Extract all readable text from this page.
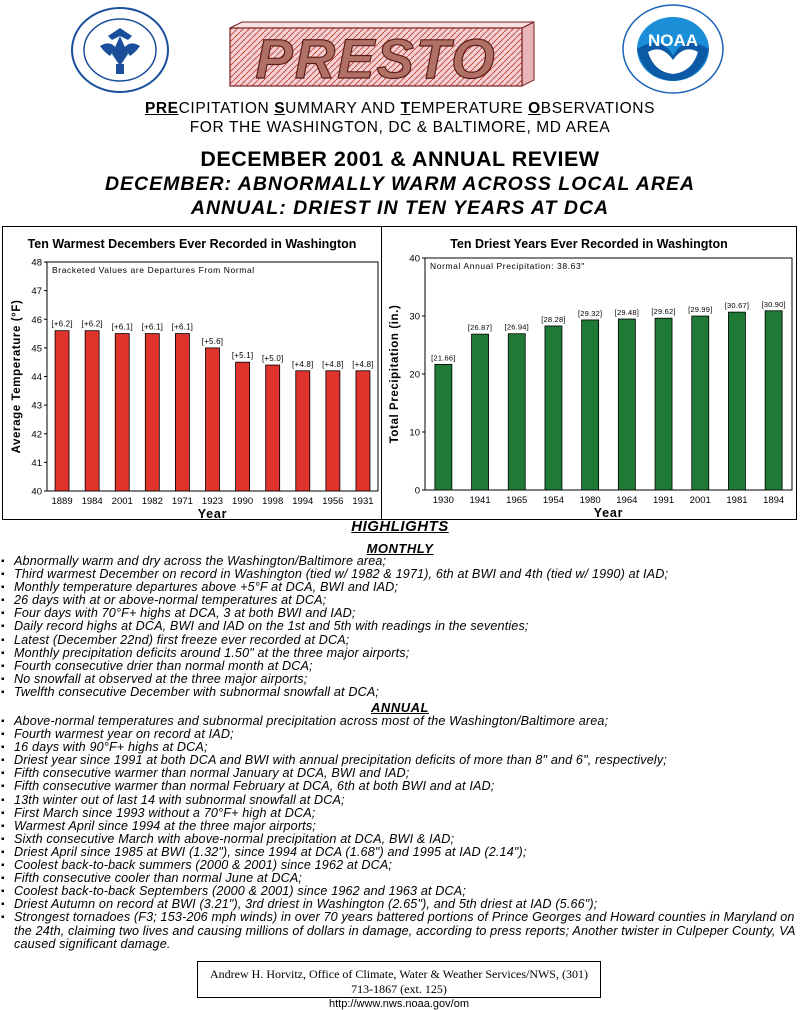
NOAA
PRESTO
PRECIPITATION SUMMARY AND TEMPERATURE OBSERVATIONS
FOR THE WASHINGTON, DC & BALTIMORE, MD AREA
DECEMBER 2001 & ANNUAL REVIEW
DECEMBER: ABNORMALLY WARM ACROSS LOCAL AREA
ANNUAL: DRIEST IN TEN YEARS AT DCA
Ten Warmest Decembers Ever Recorded in Washington
Bracketed Values are Departures From Normal
40
41
42
43
44
45
46
47
48
[+6.2]
1889
[+6.2]
1984
[+6.1]
2001
[+6.1]
1982
[+6.1]
1971
[+5.6]
1923
[+5.1]
1990
[+5.0]
1998
[+4.8]
1994
[+4.8]
1956
[+4.8]
1931
Year
Average Temperature (°F)
Ten Driest Years Ever Recorded in Washington
Normal Annual Precipitation: 38.63"
0
10
20
30
40
[21.66]
1930
[26.87]
1941
[26.94]
1965
[28.28]
1954
[29.32]
1980
[29.48]
1964
[29.62]
1991
[29.99]
2001
[30.67]
1981
[30.90]
1894
Year
Total Precipitation (in.)
HIGHLIGHTS
MONTHLY
▪ Abnormally warm and dry across the Washington/Baltimore area;
▪ Third warmest December on record in Washington (tied w/ 1982 & 1971), 6th at BWI and 4th (tied w/ 1990) at IAD;
▪ Monthly temperature departures above +5°F at DCA, BWI and IAD;
▪ 26 days with at or above-normal temperatures at DCA;
▪ Four days with 70°F+ highs at DCA, 3 at both BWI and IAD;
▪ Daily record highs at DCA, BWI and IAD on the 1st and 5th with readings in the seventies;
▪ Latest (December 22nd) first freeze ever recorded at DCA;
▪ Monthly precipitation deficits around 1.50" at the three major airports;
▪ Fourth consecutive drier than normal month at DCA;
▪ No snowfall at observed at the three major airports;
▪ Twelfth consecutive December with subnormal snowfall at DCA;
ANNUAL
▪ Above-normal temperatures and subnormal precipitation across most of the Washington/Baltimore area;
▪ Fourth warmest year on record at IAD;
▪ 16 days with 90°F+ highs at DCA;
▪ Driest year since 1991 at both DCA and BWI with annual precipitation deficits of more than 8" and 6", respectively;
▪ Fifth consecutive warmer than normal January at DCA, BWI and IAD;
▪ Fifth consecutive warmer than normal February at DCA, 6th at both BWI and at IAD;
▪ 13th winter out of last 14 with subnormal snowfall at DCA;
▪ First March since 1993 without a 70°F+ high at DCA;
▪ Warmest April since 1994 at the three major airports;
▪ Sixth consecutive March with above-normal precipitation at DCA, BWI & IAD;
▪ Driest April since 1985 at BWI (1.32"), since 1994 at DCA (1.68") and 1995 at IAD (2.14");
▪ Coolest back-to-back summers (2000 & 2001) since 1962 at DCA;
▪ Fifth consecutive cooler than normal June at DCA;
▪ Coolest back-to-back Septembers (2000 & 2001) since 1962 and 1963 at DCA;
▪ Driest Autumn on record at BWI (3.21"), 3rd driest in Washington (2.65"), and 5th driest at IAD (5.66");
▪ Strongest tornadoes (F3; 153-206 mph winds) in over 70 years battered portions of Prince Georges and Howard counties in Maryland on the 24th, claiming two lives and causing millions of dollars in damage, according to press reports; Another twister in Culpeper County, VA caused significant damage.
Andrew H. Horvitz, Office of Climate, Water & Weather Services/NWS, (301) 713-1867 (ext. 125)
http://www.nws.noaa.gov/om
